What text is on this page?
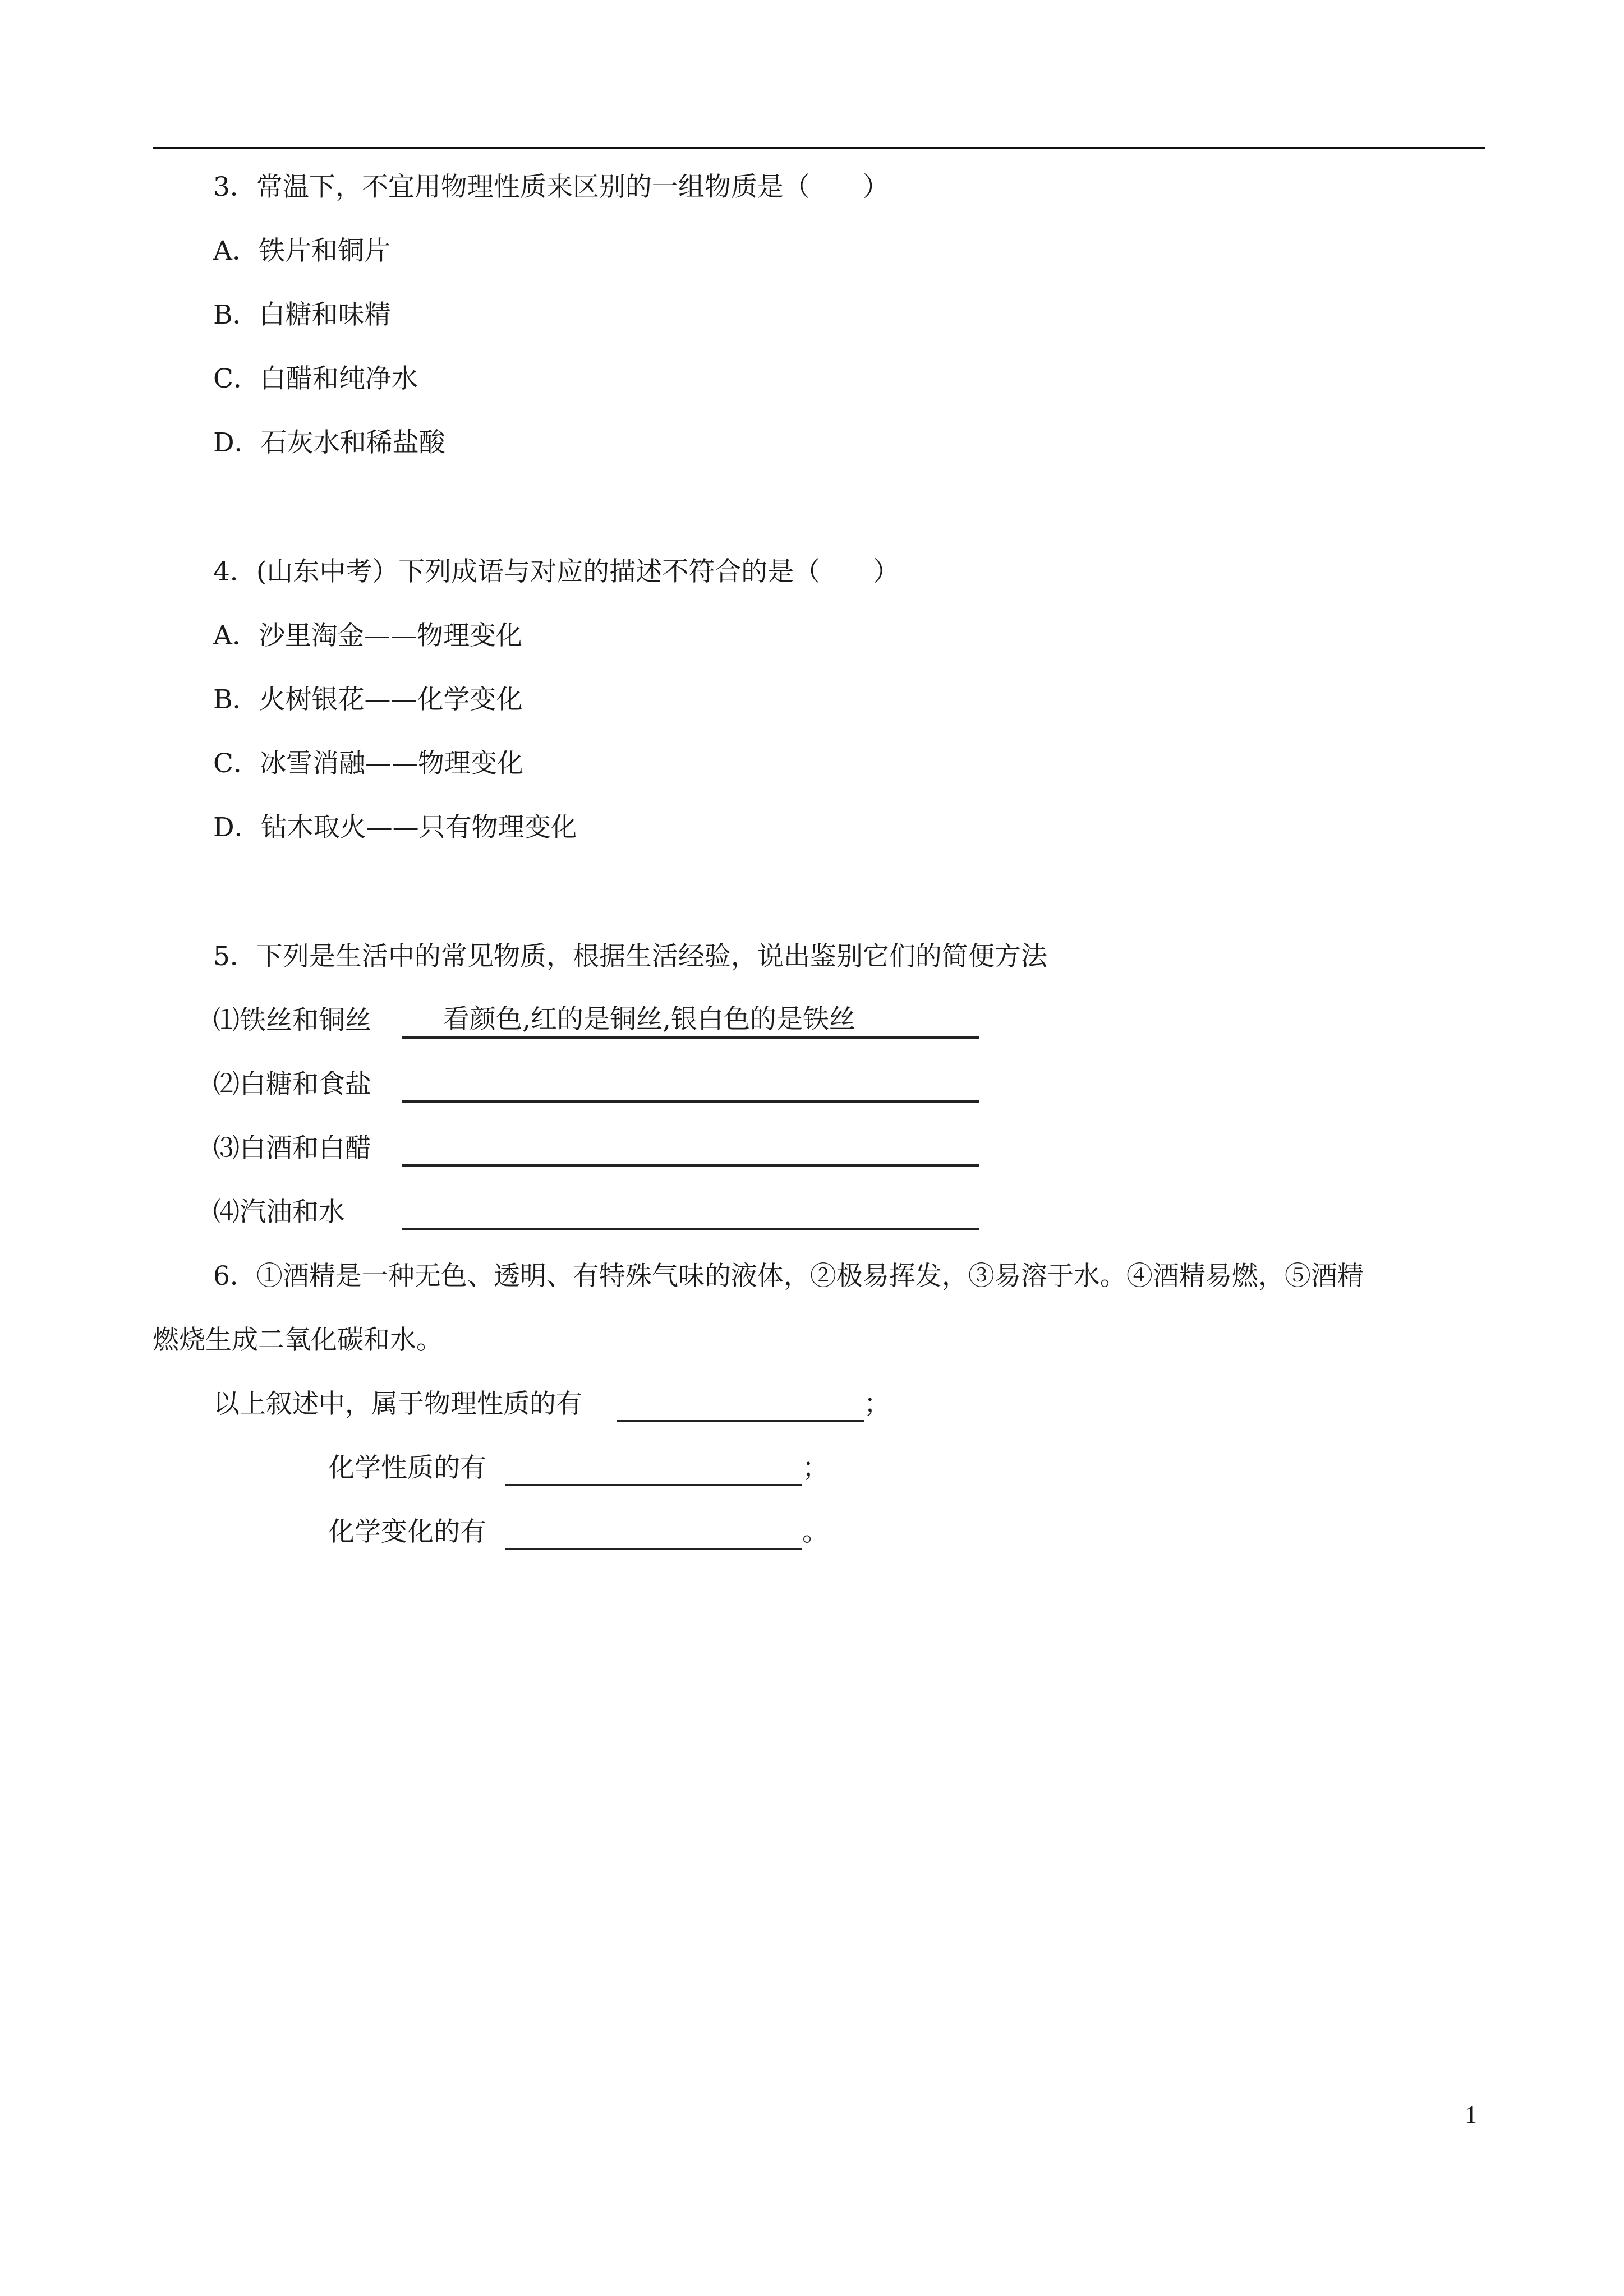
3．常温下，不宜用物理性质来区别的一组物质是（　　）
A．铁片和铜片
B．白糖和味精
C．白醋和纯净水
D．石灰水和稀盐酸
4．(山东中考）下列成语与对应的描述不符合的是（　　）
A．沙里淘金——物理变化
B．火树银花——化学变化
C．冰雪消融——物理变化
D．钻木取火——只有物理变化
5．下列是生活中的常见物质，根据生活经验，说出鉴别它们的简便方法
⑴铁丝和铜丝	看颜色,红的是铜丝,银白色的是铁丝
⑵白糖和食盐
⑶白酒和白醋
⑷汽油和水
6．①酒精是一种无色、透明、有特殊气味的液体，②极易挥发，③易溶于水。④酒精易燃，⑤酒精
燃烧生成二氧化碳和水。
以上叙述中，属于物理性质的有	；
化学性质的有	；
化学变化的有	。
1
